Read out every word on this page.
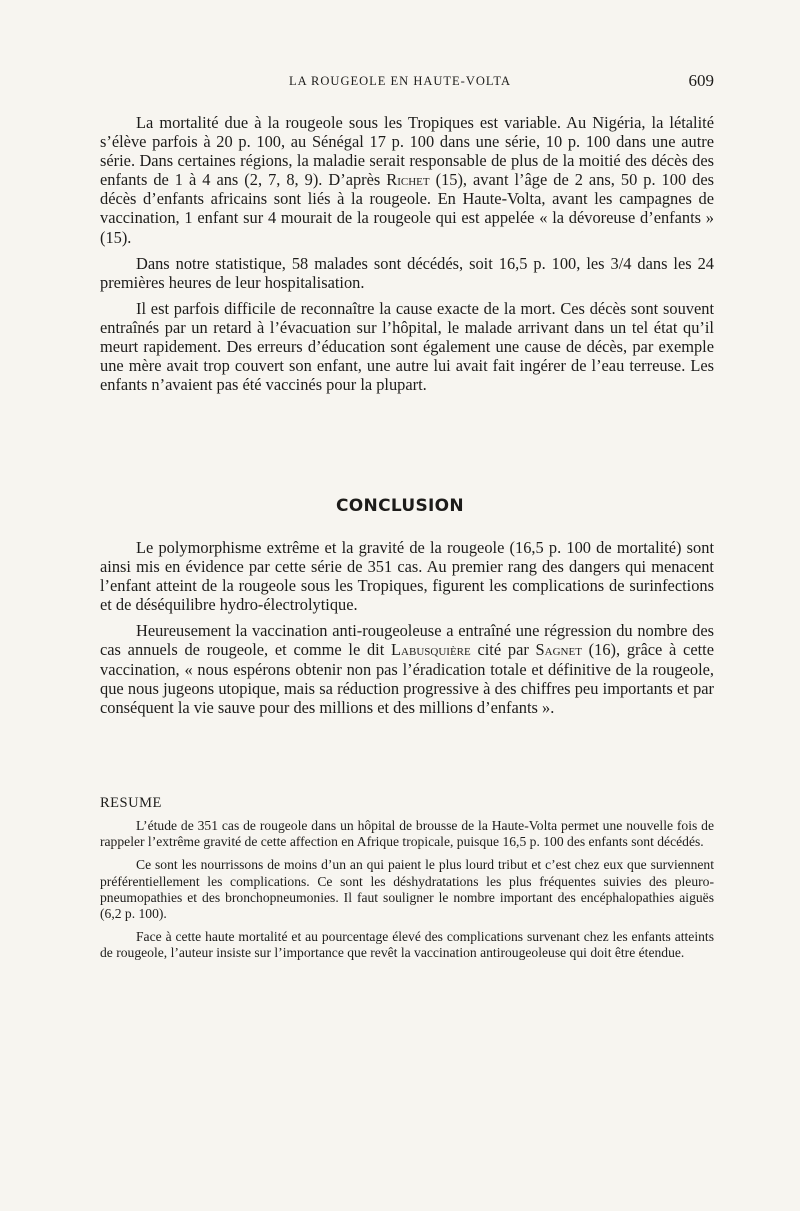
LA ROUGEOLE EN HAUTE-VOLTA	609

La mortalité due à la rougeole sous les Tropiques est variable. Au Nigéria, la létalité s’élève parfois à 20 p. 100, au Sénégal 17 p. 100 dans une série, 10 p. 100 dans une autre série. Dans certaines régions, la maladie serait responsable de plus de la moitié des décès des enfants de 1 à 4 ans (2, 7, 8, 9). D’après Richet (15), avant l’âge de 2 ans, 50 p. 100 des décès d’enfants africains sont liés à la rougeole. En Haute-Volta, avant les campagnes de vaccination, 1 enfant sur 4 mourait de la rougeole qui est appelée « la dévoreuse d’enfants » (15).

Dans notre statistique, 58 malades sont décédés, soit 16,5 p. 100, les 3/4 dans les 24 premières heures de leur hospitalisation.

Il est parfois difficile de reconnaître la cause exacte de la mort. Ces décès sont souvent entraînés par un retard à l’évacuation sur l’hôpital, le malade arrivant dans un tel état qu’il meurt rapidement. Des erreurs d’éducation sont également une cause de décès, par exemple une mère avait trop couvert son enfant, une autre lui avait fait ingérer de l’eau terreuse. Les enfants n’avaient pas été vaccinés pour la plupart.

CONCLUSION

Le polymorphisme extrême et la gravité de la rougeole (16,5 p. 100 de mortalité) sont ainsi mis en évidence par cette série de 351 cas. Au premier rang des dangers qui menacent l’enfant atteint de la rougeole sous les Tropiques, figurent les complications de surinfections et de déséquilibre hydro-électrolytique.

Heureusement la vaccination anti-rougeoleuse a entraîné une régression du nombre des cas annuels de rougeole, et comme le dit Labusquière cité par Sagnet (16), grâce à cette vaccination, « nous espérons obtenir non pas l’éradication totale et définitive de la rougeole, que nous jugeons utopique, mais sa réduction progressive à des chiffres peu importants et par conséquent la vie sauve pour des millions et des millions d’enfants ».

RESUME

L’étude de 351 cas de rougeole dans un hôpital de brousse de la Haute-Volta permet une nouvelle fois de rappeler l’extrême gravité de cette affection en Afrique tropicale, puisque 16,5 p. 100 des enfants sont décédés.

Ce sont les nourrissons de moins d’un an qui paient le plus lourd tribut et c’est chez eux que surviennent préférentiellement les complications. Ce sont les déshydratations les plus fréquentes suivies des pleuro-pneumopathies et des bronchopneumonies. Il faut souligner le nombre important des encéphalopathies aiguës (6,2 p. 100).

Face à cette haute mortalité et au pourcentage élevé des complications survenant chez les enfants atteints de rougeole, l’auteur insiste sur l’importance que revêt la vaccination antirougeoleuse qui doit être étendue.
